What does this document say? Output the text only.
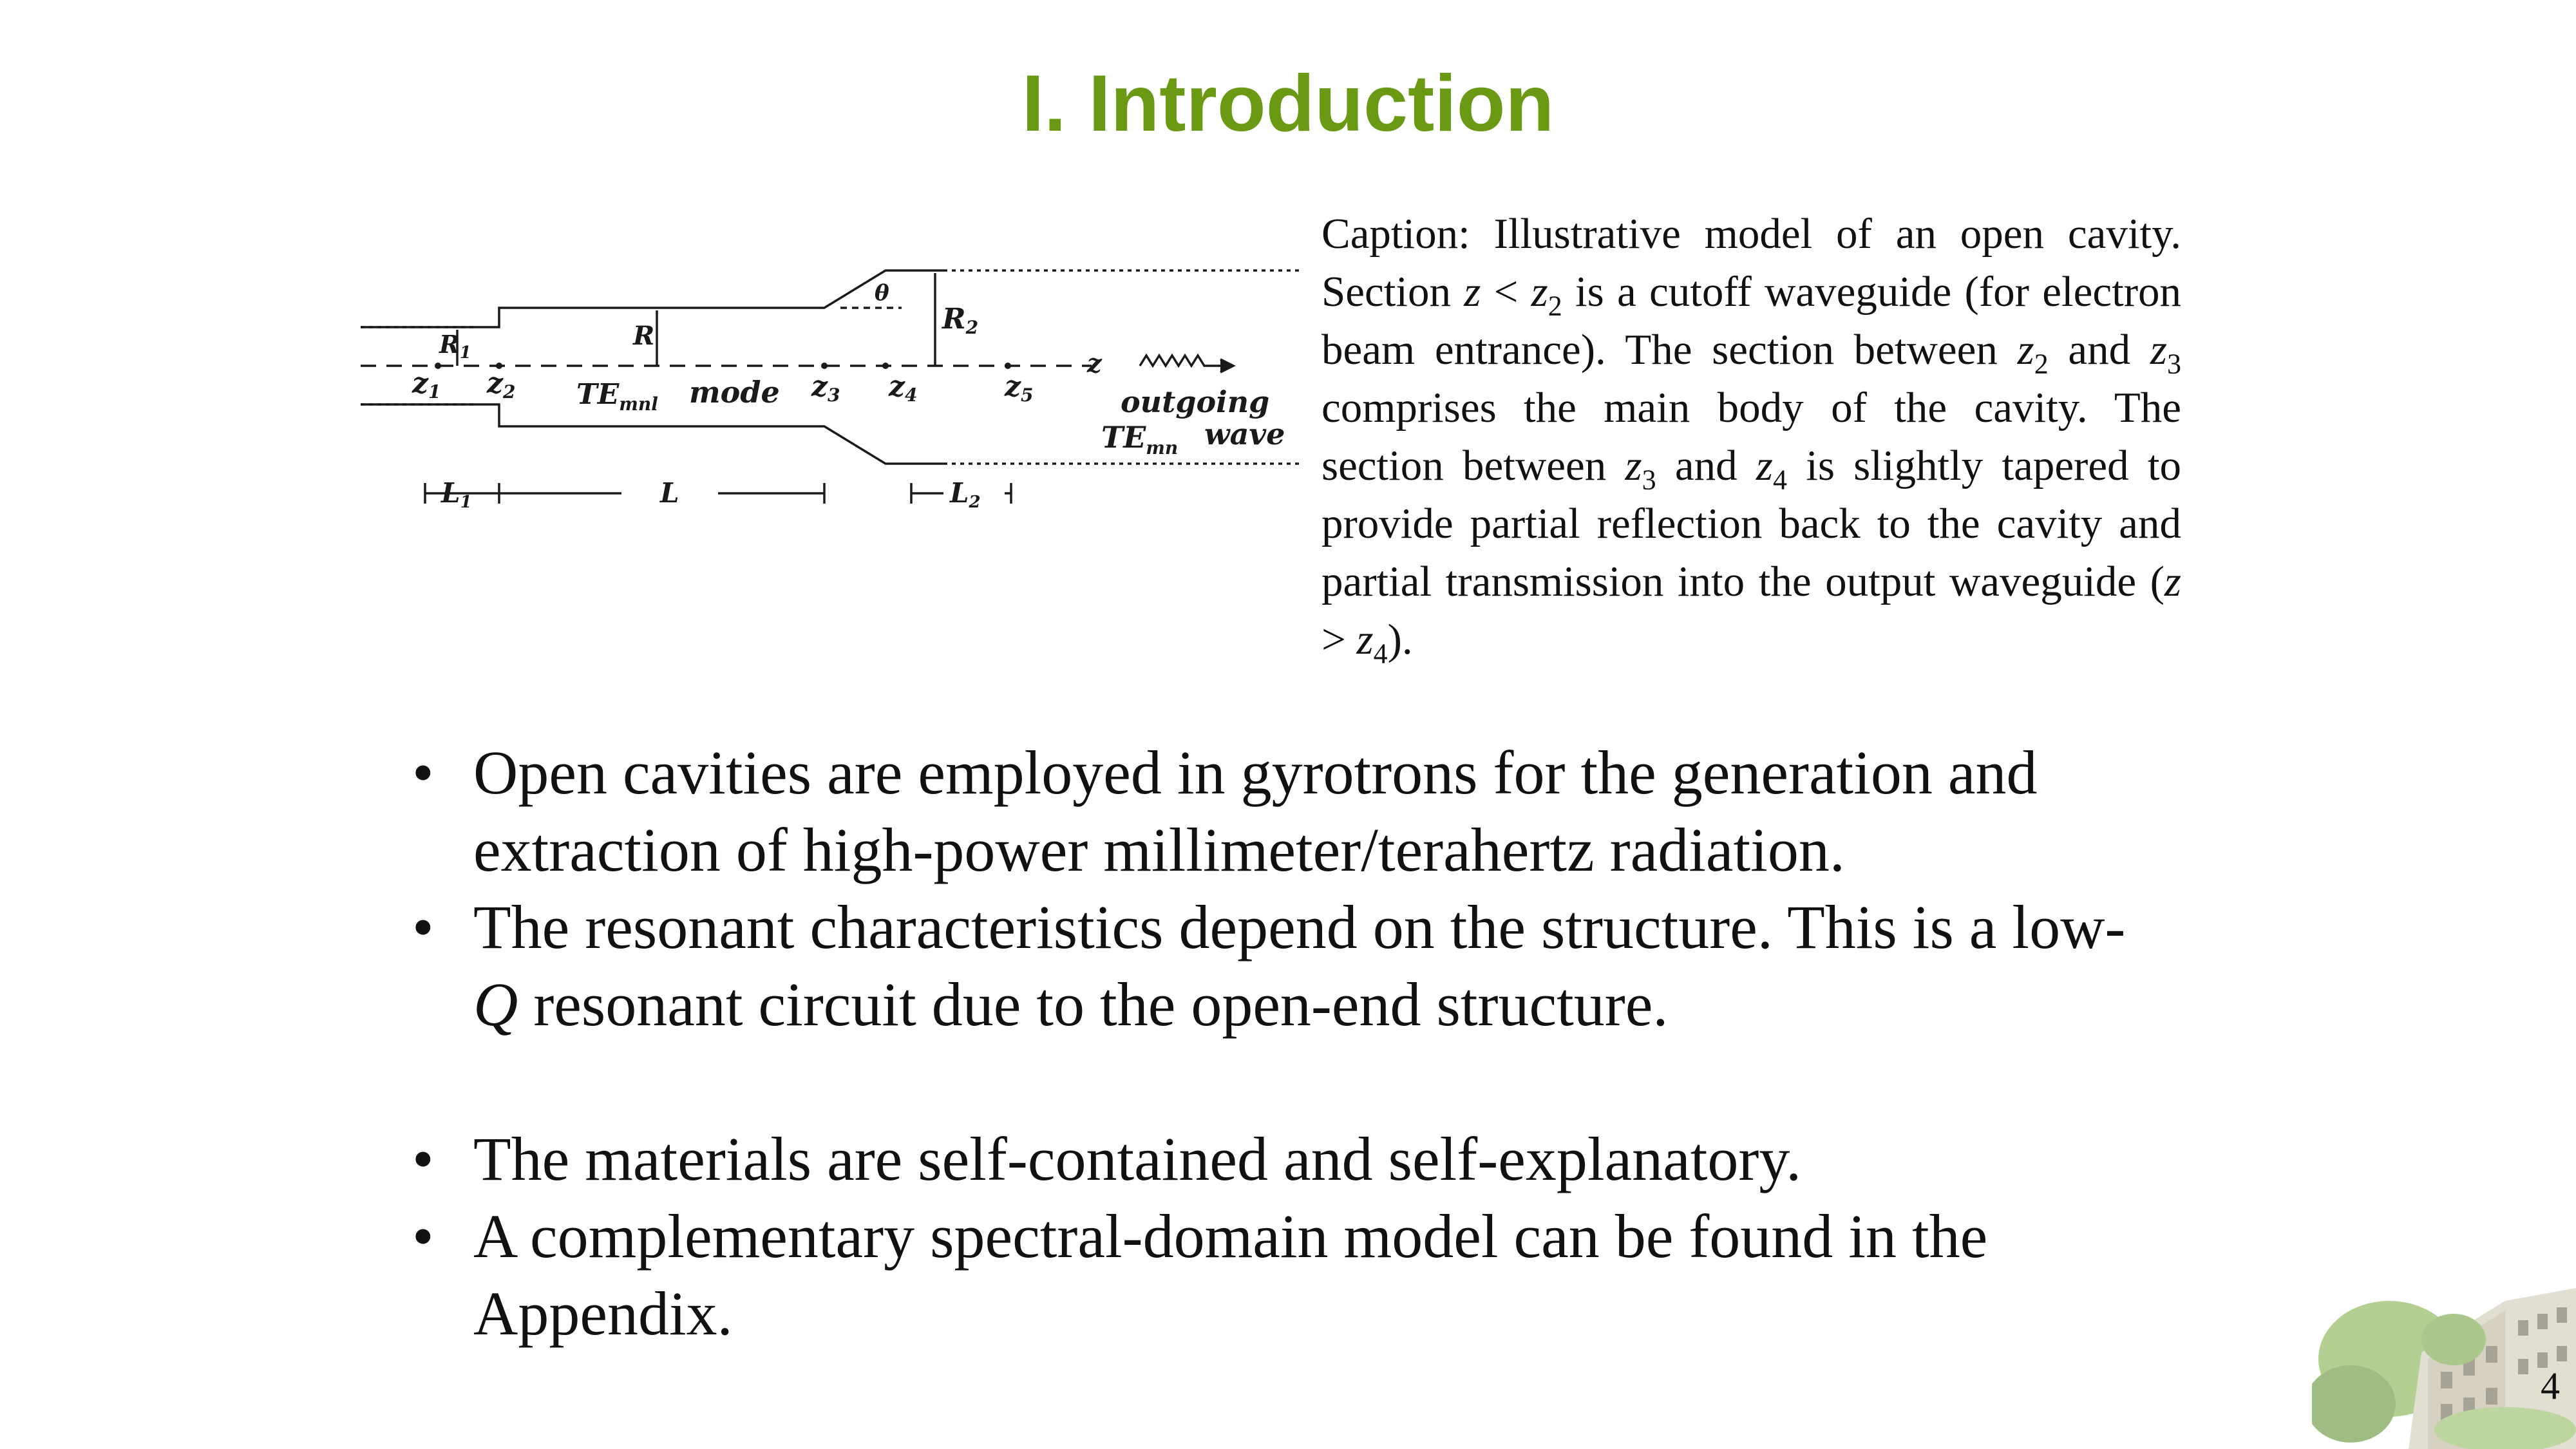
I. Introduction
$R_1$
R
R2
θ
z1 z2 $TE_{mnl}$ mode z3 z4	z5
z
outgoing
$TE_{mn}$ wave
L1	L	L2
Caption: Illustrative model of an open cavity. Section $z < z_2$ is a cutoff waveguide (for electron beam entrance). The section between $z_2$ and $z_3$ comprises the main body of the cavity. The section between $z_3$ and $z_4$ is slightly tapered to provide partial reflection back to the cavity and partial transmission into the output waveguide $(z > z_4)$.
• Open cavities are employed in gyrotrons for the generation and extraction of high-power millimeter/terahertz radiation.
• The resonant characteristics depend on the structure. This is a low-Q resonant circuit due to the open-end structure.
• The materials are self-contained and self-explanatory.
• A complementary spectral-domain model can be found in the Appendix.
4
